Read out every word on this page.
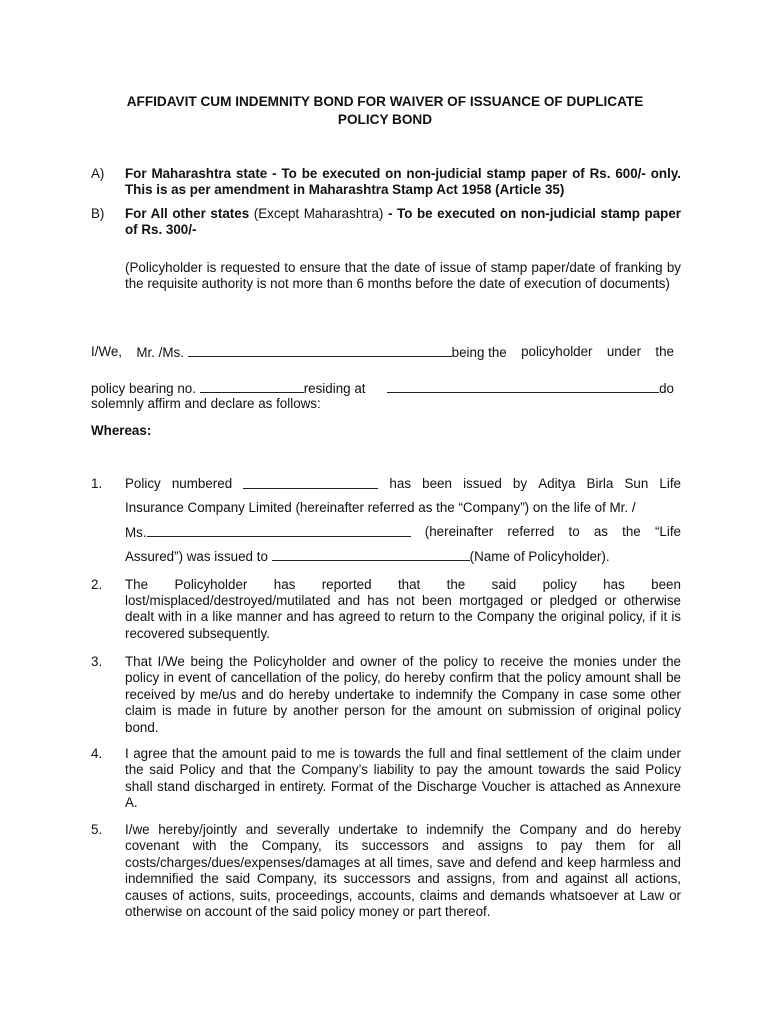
AFFIDAVIT CUM INDEMNITY BOND FOR WAIVER OF ISSUANCE OF DUPLICATE
POLICY BOND
A) For Maharashtra state - To be executed on non-judicial stamp paper of Rs. 600/- only. This is as per amendment in Maharashtra Stamp Act 1958 (Article 35)
B) For All other states (Except Maharashtra) - To be executed on non-judicial stamp paper of Rs. 300/-
(Policyholder is requested to ensure that the date of issue of stamp paper/date of franking by the requisite authority is not more than 6 months before the date of execution of documents)
I/We, Mr. /Ms.	being the policyholder under the
policy bearing no.	residing at	do
solemnly affirm and declare as follows:
Whereas:
1. Policy numbered	has been issued by Aditya Birla Sun Life
Insurance Company Limited (hereinafter referred as the “Company”) on the life of Mr. /
Ms.	(hereinafter referred to as the “Life
Assured”) was issued to	(Name of Policyholder).
2. The Policyholder has reported that the said policy has been
lost/misplaced/destroyed/mutilated and has not been mortgaged or pledged or otherwise dealt with in a like manner and has agreed to return to the Company the original policy, if it is recovered subsequently.
3. That I/We being the Policyholder and owner of the policy to receive the monies under the policy in event of cancellation of the policy, do hereby confirm that the policy amount shall be received by me/us and do hereby undertake to indemnify the Company in case some other claim is made in future by another person for the amount on submission of original policy bond.
4. I agree that the amount paid to me is towards the full and final settlement of the claim under the said Policy and that the Company’s liability to pay the amount towards the said Policy shall stand discharged in entirety. Format of the Discharge Voucher is attached as Annexure A.
5. I/we hereby/jointly and severally undertake to indemnify the Company and do hereby covenant with the Company, its successors and assigns to pay them for all costs/charges/dues/expenses/damages at all times, save and defend and keep harmless and indemnified the said Company, its successors and assigns, from and against all actions, causes of actions, suits, proceedings, accounts, claims and demands whatsoever at Law or otherwise on account of the said policy money or part thereof.
